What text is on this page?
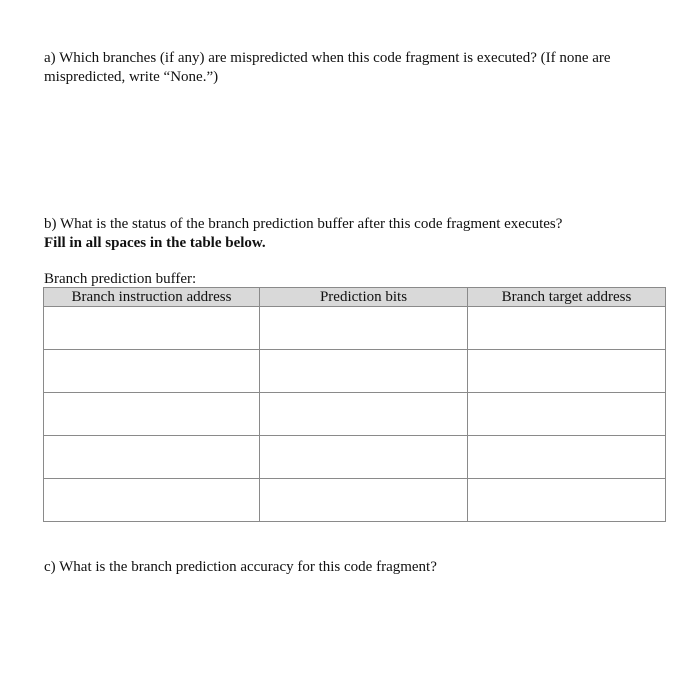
a) Which branches (if any) are mispredicted when this code fragment is executed? (If none are mispredicted, write “None.”)

b) What is the status of the branch prediction buffer after this code fragment executes?
Fill in all spaces in the table below.

Branch prediction buffer:
Branch instruction address	Prediction bits	Branch target address

c) What is the branch prediction accuracy for this code fragment?
